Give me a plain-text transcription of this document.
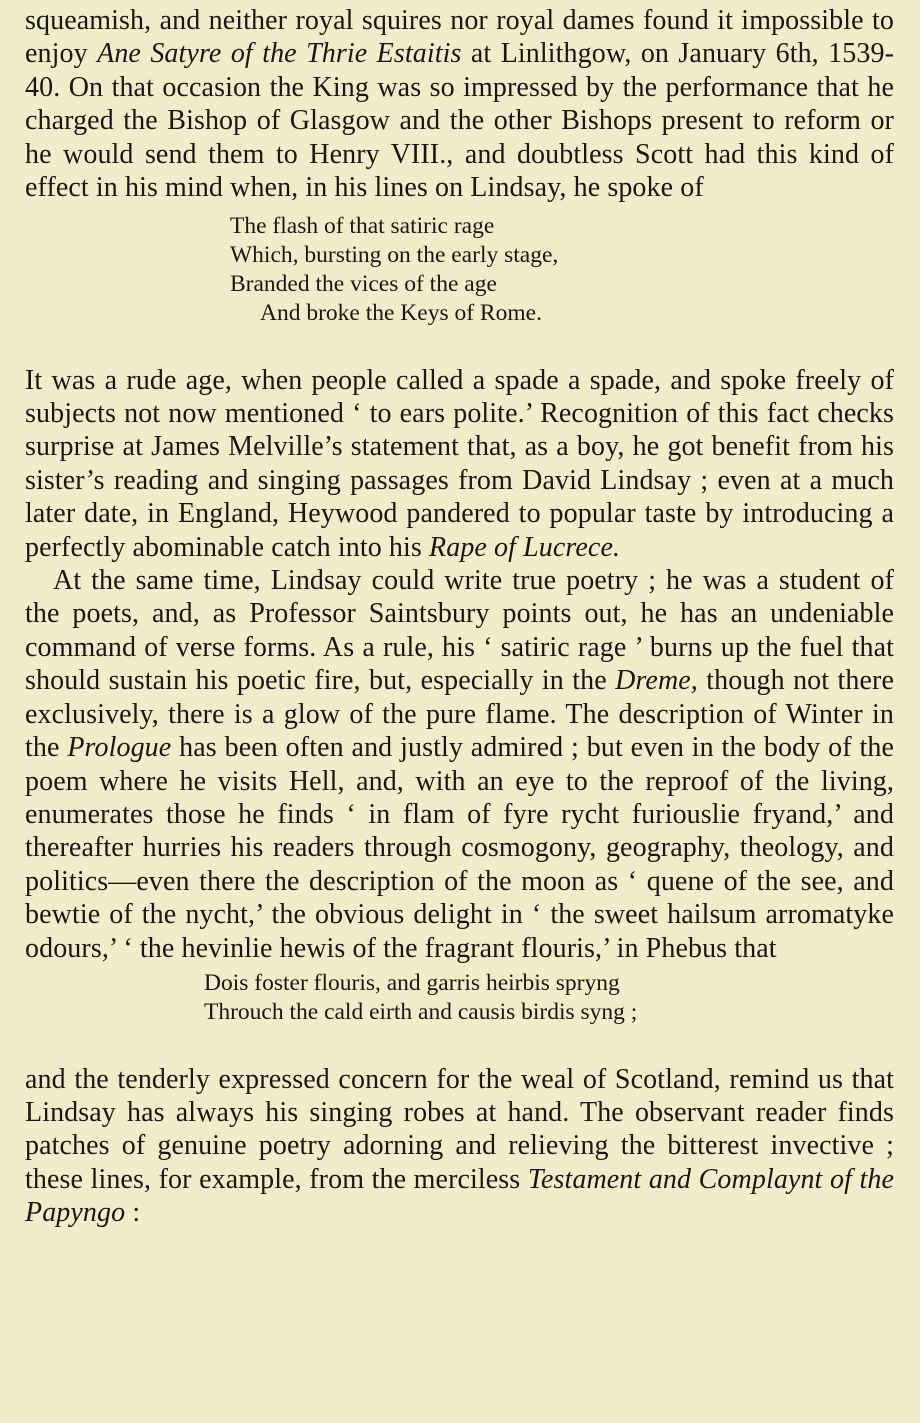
squeamish, and neither royal squires nor royal dames found it impossible to enjoy Ane Satyre of the Thrie Estaitis at Linlithgow, on January 6th, 1539-40. On that occasion the King was so impressed by the performance that he charged the Bishop of Glasgow and the other Bishops present to reform or he would send them to Henry VIII., and doubtless Scott had this kind of effect in his mind when, in his lines on Lindsay, he spoke of

The flash of that satiric rage
Which, bursting on the early stage,
Branded the vices of the age
And broke the Keys of Rome.

It was a rude age, when people called a spade a spade, and spoke freely of subjects not now mentioned ‘ to ears polite.’ Recognition of this fact checks surprise at James Melville’s statement that, as a boy, he got benefit from his sister’s reading and singing passages from David Lindsay ; even at a much later date, in England, Heywood pandered to popular taste by introducing a perfectly abominable catch into his Rape of Lucrece.

At the same time, Lindsay could write true poetry ; he was a student of the poets, and, as Professor Saintsbury points out, he has an undeniable command of verse forms. As a rule, his ‘ satiric rage ’ burns up the fuel that should sustain his poetic fire, but, especially in the Dreme, though not there exclusively, there is a glow of the pure flame. The description of Winter in the Prologue has been often and justly admired ; but even in the body of the poem where he visits Hell, and, with an eye to the reproof of the living, enumerates those he finds ‘ in flam of fyre rycht furiouslie fryand,’ and thereafter hurries his readers through cosmogony, geography, theology, and politics—even there the description of the moon as ‘ quene of the see, and bewtie of the nycht,’ the obvious delight in ‘ the sweet hailsum arromatyke odours,’ ‘ the hevinlie hewis of the fragrant flouris,’ in Phebus that

Dois foster flouris, and garris heirbis spryng
Throuch the cald eirth and causis birdis syng ;

and the tenderly expressed concern for the weal of Scotland, remind us that Lindsay has always his singing robes at hand. The observant reader finds patches of genuine poetry adorning and relieving the bitterest invective ; these lines, for example, from the merciless Testament and Complaynt of the Papyngo :
